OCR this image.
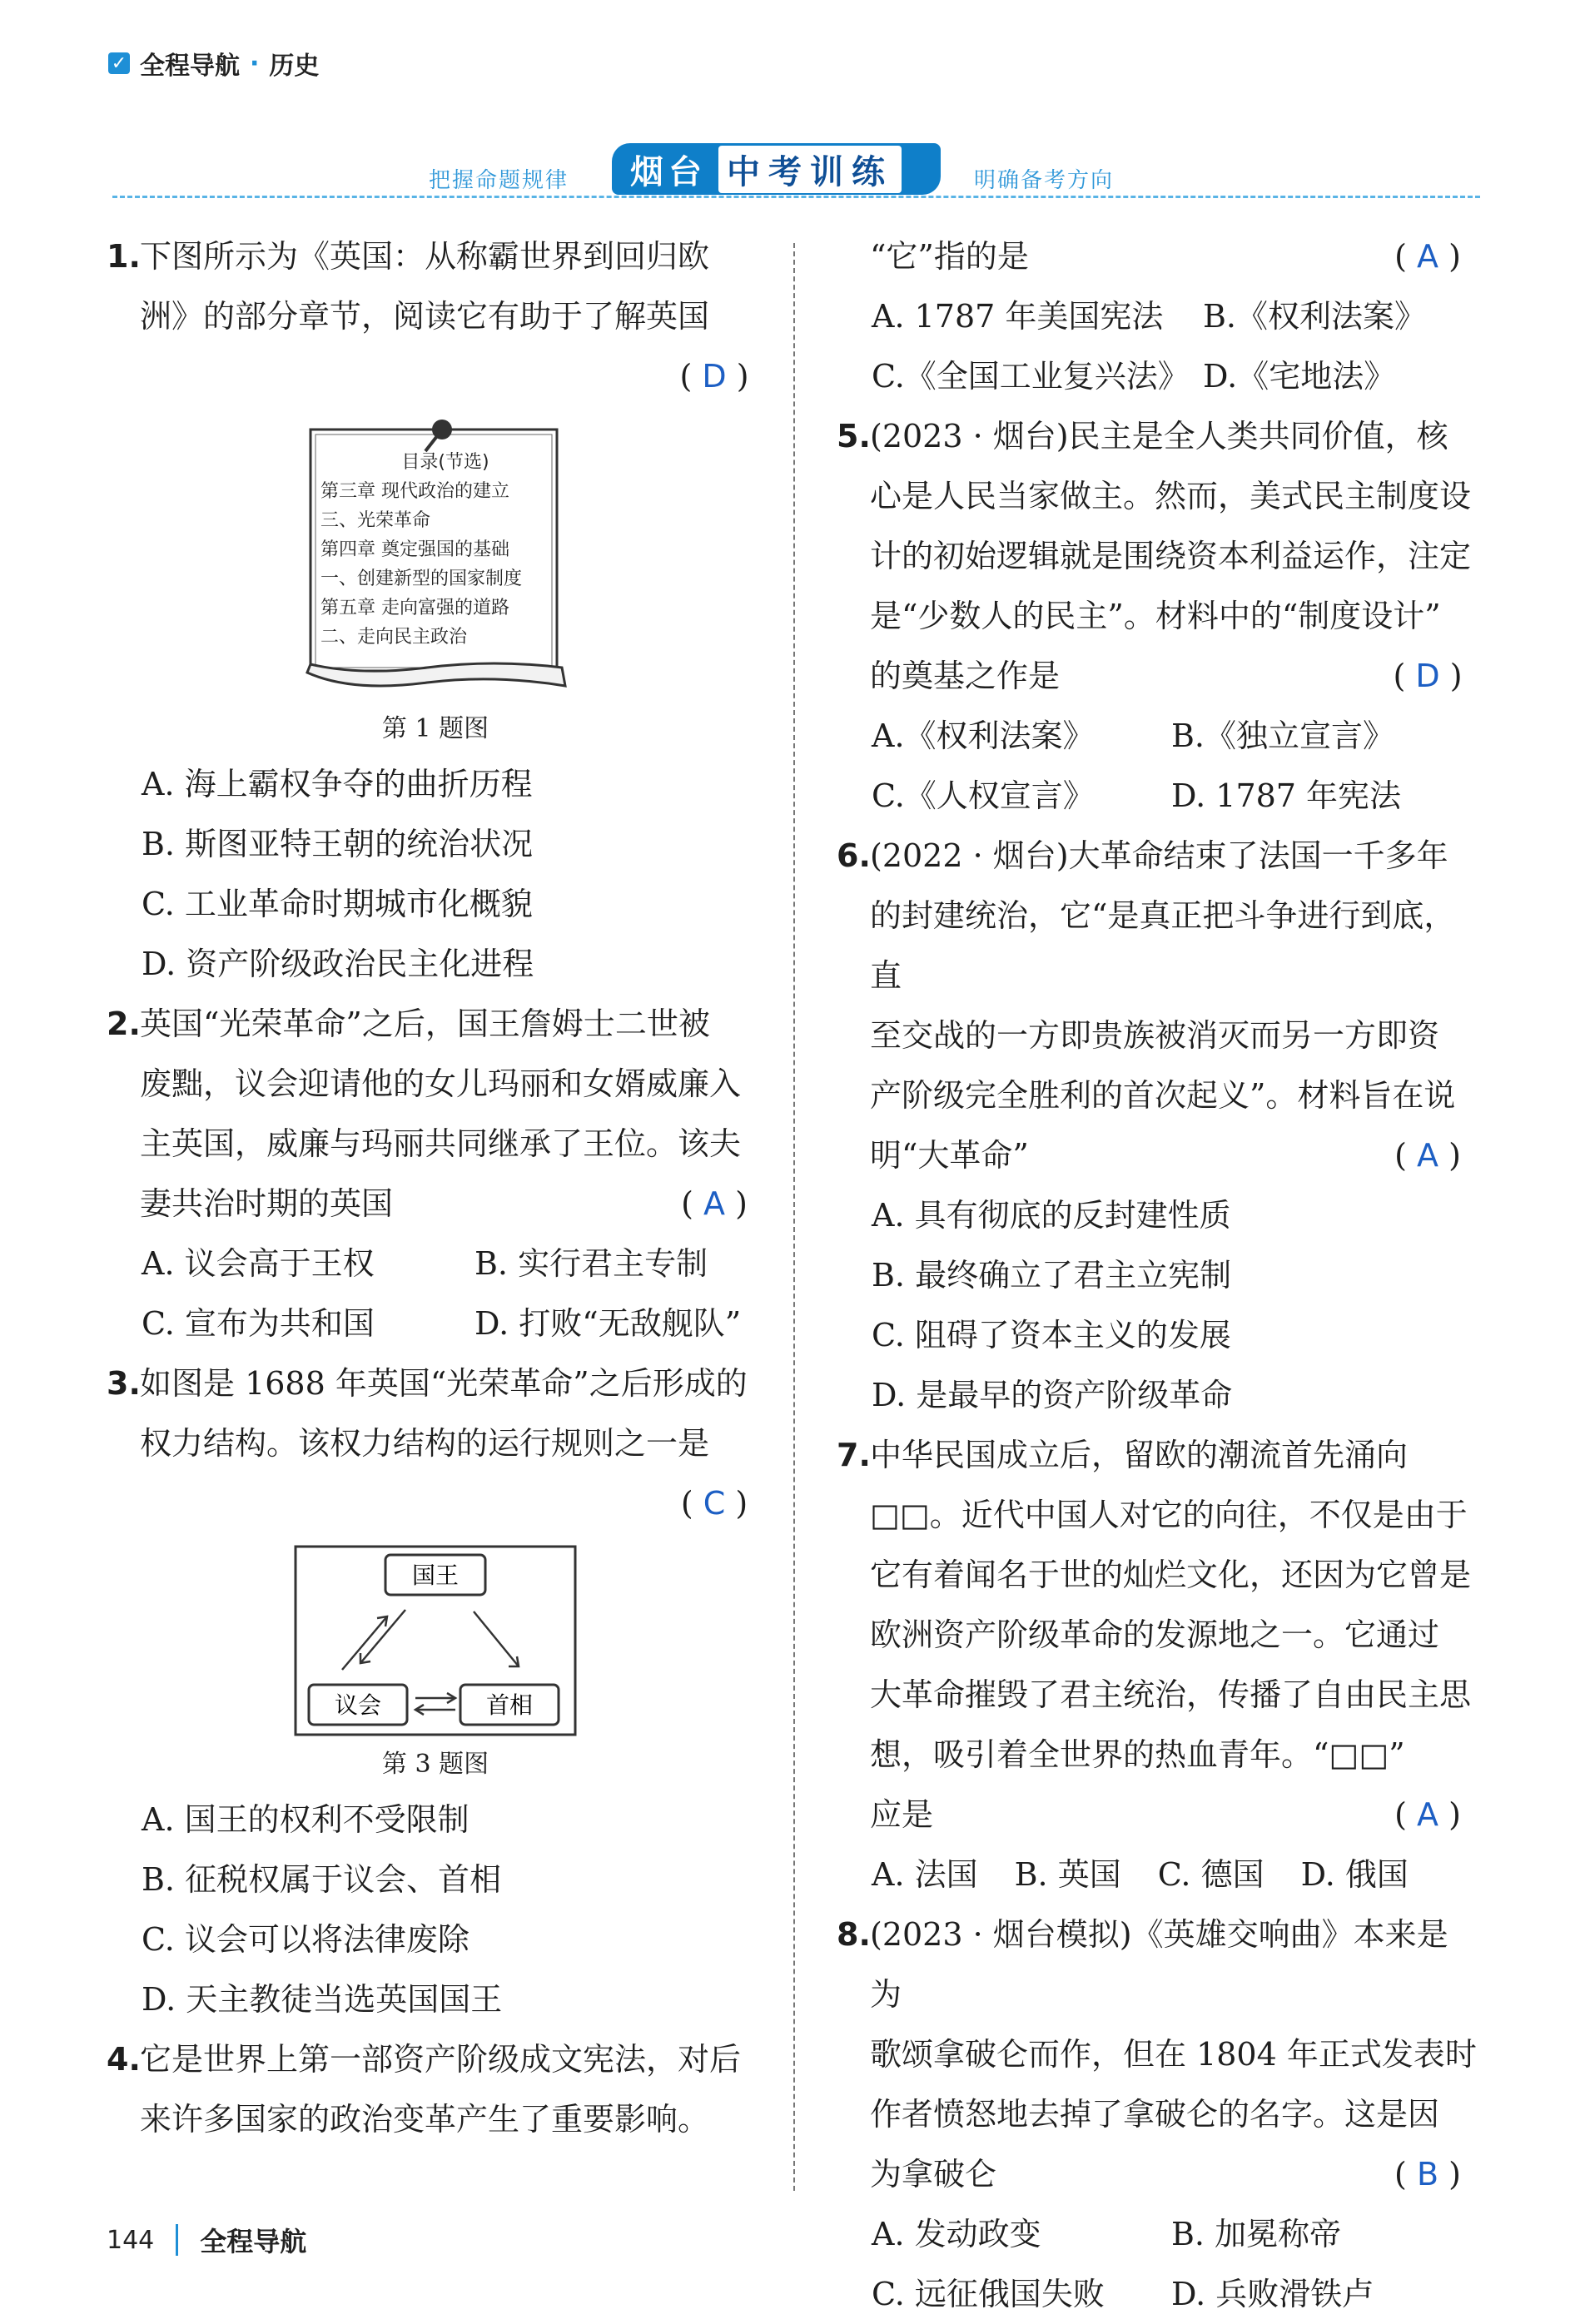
✓ 全程导航 · 历史
把握命题规律 烟台 中考训练	明确备考方向
1. 下图所示为《英国：从称霸世界到回归欧
洲》的部分章节，阅读它有助于了解英国
( D )
目录(节选)
第三章 现代政治的建立
三、光荣革命
第四章 奠定强国的基础
一、创建新型的国家制度
第五章 走向富强的道路
二、走向民主政治
第 1 题图
A. 海上霸权争夺的曲折历程
B. 斯图亚特王朝的统治状况
C. 工业革命时期城市化概貌
D. 资产阶级政治民主化进程
2. 英国“光荣革命”之后，国王詹姆士二世被
废黜，议会迎请他的女儿玛丽和女婿威廉入
主英国，威廉与玛丽共同继承了王位。该夫
妻共治时期的英国	( A )
A. 议会高于王权	B. 实行君主专制
C. 宣布为共和国	D. 打败“无敌舰队”
3. 如图是 1688 年英国“光荣革命”之后形成的
权力结构。该权力结构的运行规则之一是
( C )
国王
议会	首相
第 3 题图
A. 国王的权利不受限制
B. 征税权属于议会、首相
C. 议会可以将法律废除
D. 天主教徒当选英国国王
4. 它是世界上第一部资产阶级成文宪法，对后
来许多国家的政治变革产生了重要影响。
“它”指的是	( A )
A. 1787 年美国宪法	B.《权利法案》
C.《全国工业复兴法》 D.《宅地法》
5. (2023 · 烟台)民主是全人类共同价值，核
心是人民当家做主。然而，美式民主制度设
计的初始逻辑就是围绕资本利益运作，注定
是“少数人的民主”。材料中的“制度设计”
的奠基之作是	( D )
A.《权利法案》	B.《独立宣言》
C.《人权宣言》	D. 1787 年宪法
6. (2022 · 烟台)大革命结束了法国一千多年
的封建统治，它“是真正把斗争进行到底，直
至交战的一方即贵族被消灭而另一方即资
产阶级完全胜利的首次起义”。材料旨在说
明“大革命”	( A )
A. 具有彻底的反封建性质
B. 最终确立了君主立宪制
C. 阻碍了资本主义的发展
D. 是最早的资产阶级革命
7. 中华民国成立后，留欧的潮流首先涌向
□□。近代中国人对它的向往，不仅是由于
它有着闻名于世的灿烂文化，还因为它曾是
欧洲资产阶级革命的发源地之一。它通过
大革命摧毁了君主统治，传播了自由民主思
想，吸引着全世界的热血青年。“□□”
应是	( A )
A. 法国 B. 英国 C. 德国 D. 俄国
8. (2023 · 烟台模拟)《英雄交响曲》本来是为
歌颂拿破仑而作，但在 1804 年正式发表时
作者愤怒地去掉了拿破仑的名字。这是因
为拿破仑	( B )
A. 发动政变	B. 加冕称帝
C. 远征俄国失败	D. 兵败滑铁卢
144 全程导航
